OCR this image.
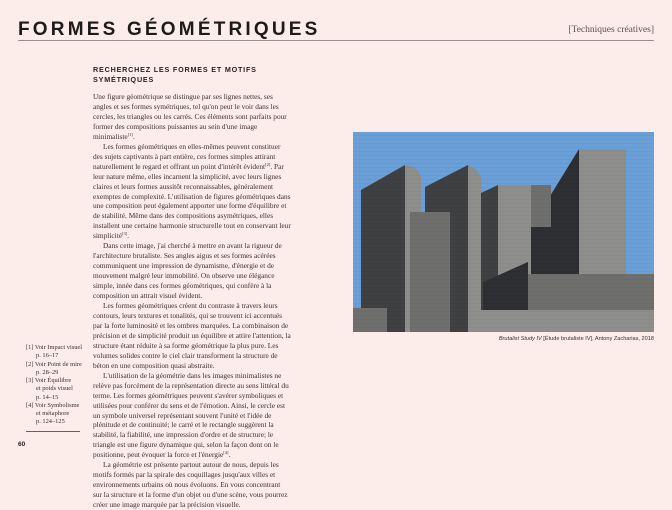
FORMES GÉOMÉTRIQUES	[Techniques créatives]
RECHERCHEZ LES FORMES ET MOTIFS SYMÉTRIQUES

Une figure géométrique se distingue par ses lignes nettes, ses angles et ses formes symétriques, tel qu'on peut le voir dans les cercles, les triangles ou les carrés. Ces éléments sont parfaits pour former des compositions puissantes au sein d'une image minimaliste[1].

Les formes géométriques en elles-mêmes peuvent constituer des sujets captivants à part entière, ces formes simples attirant naturellement le regard et offrant un point d'intérêt évident[2]. Par leur nature même, elles incarnent la simplicité, avec leurs lignes claires et leurs formes aussitôt reconnaissables, généralement exemptes de complexité. L'utilisation de figures géométriques dans une composition peut également apporter une forme d'équilibre et de stabilité. Même dans des compositions asymétriques, elles installent une certaine harmonie structurelle tout en conservant leur simplicité[3].

Dans cette image, j'ai cherché à mettre en avant la rigueur de l'architecture brutaliste. Ses angles aigus et ses formes acérées communiquent une impression de dynamisme, d'énergie et de mouvement malgré leur immobilité. On observe une élégance simple, innée dans ces formes géométriques, qui confère à la composition un attrait visuel évident.

Les formes géométriques créent du contraste à travers leurs contours, leurs textures et tonalités, qui se trouvent ici accentués par la forte luminosité et les ombres marquées. La combinaison de précision et de simplicité produit un équilibre et attire l'attention, la structure étant réduite à sa forme géométrique la plus pure. Les volumes solides contre le ciel clair transforment la structure de béton en une composition quasi abstraite.

L'utilisation de la géométrie dans les images minimalistes ne relève pas forcément de la représentation directe au sens littéral du terme. Les formes géométriques peuvent s'avérer symboliques et utilisées pour conférer du sens et de l'émotion. Ainsi, le cercle est un symbole universel représentant souvent l'unité et l'idée de plénitude et de continuité; le carré et le rectangle suggèrent la stabilité, la fiabilité, une impression d'ordre et de structure; le triangle est une figure dynamique qui, selon la façon dont on le positionne, peut évoquer la force et l'énergie[4].

La géométrie est présente partout autour de nous, depuis les motifs formés par la spirale des coquillages jusqu'aux villes et environnements urbains où nous évoluons. En vous concentrant sur la structure et la forme d'un objet ou d'une scène, vous pourrez créer une image marquée par la précision visuelle.

[1] Voir Impact visuel
p. 16–17
[2] Voir Point de mire
p. 28–29
[3] Voir Équilibre
et poids visuel
p. 14–15
[4] Voir Symbolisme
et métaphore
p. 124–125
60
Brutalist Study IV [Étude brutaliste IV], Antony Zacharias, 2018
